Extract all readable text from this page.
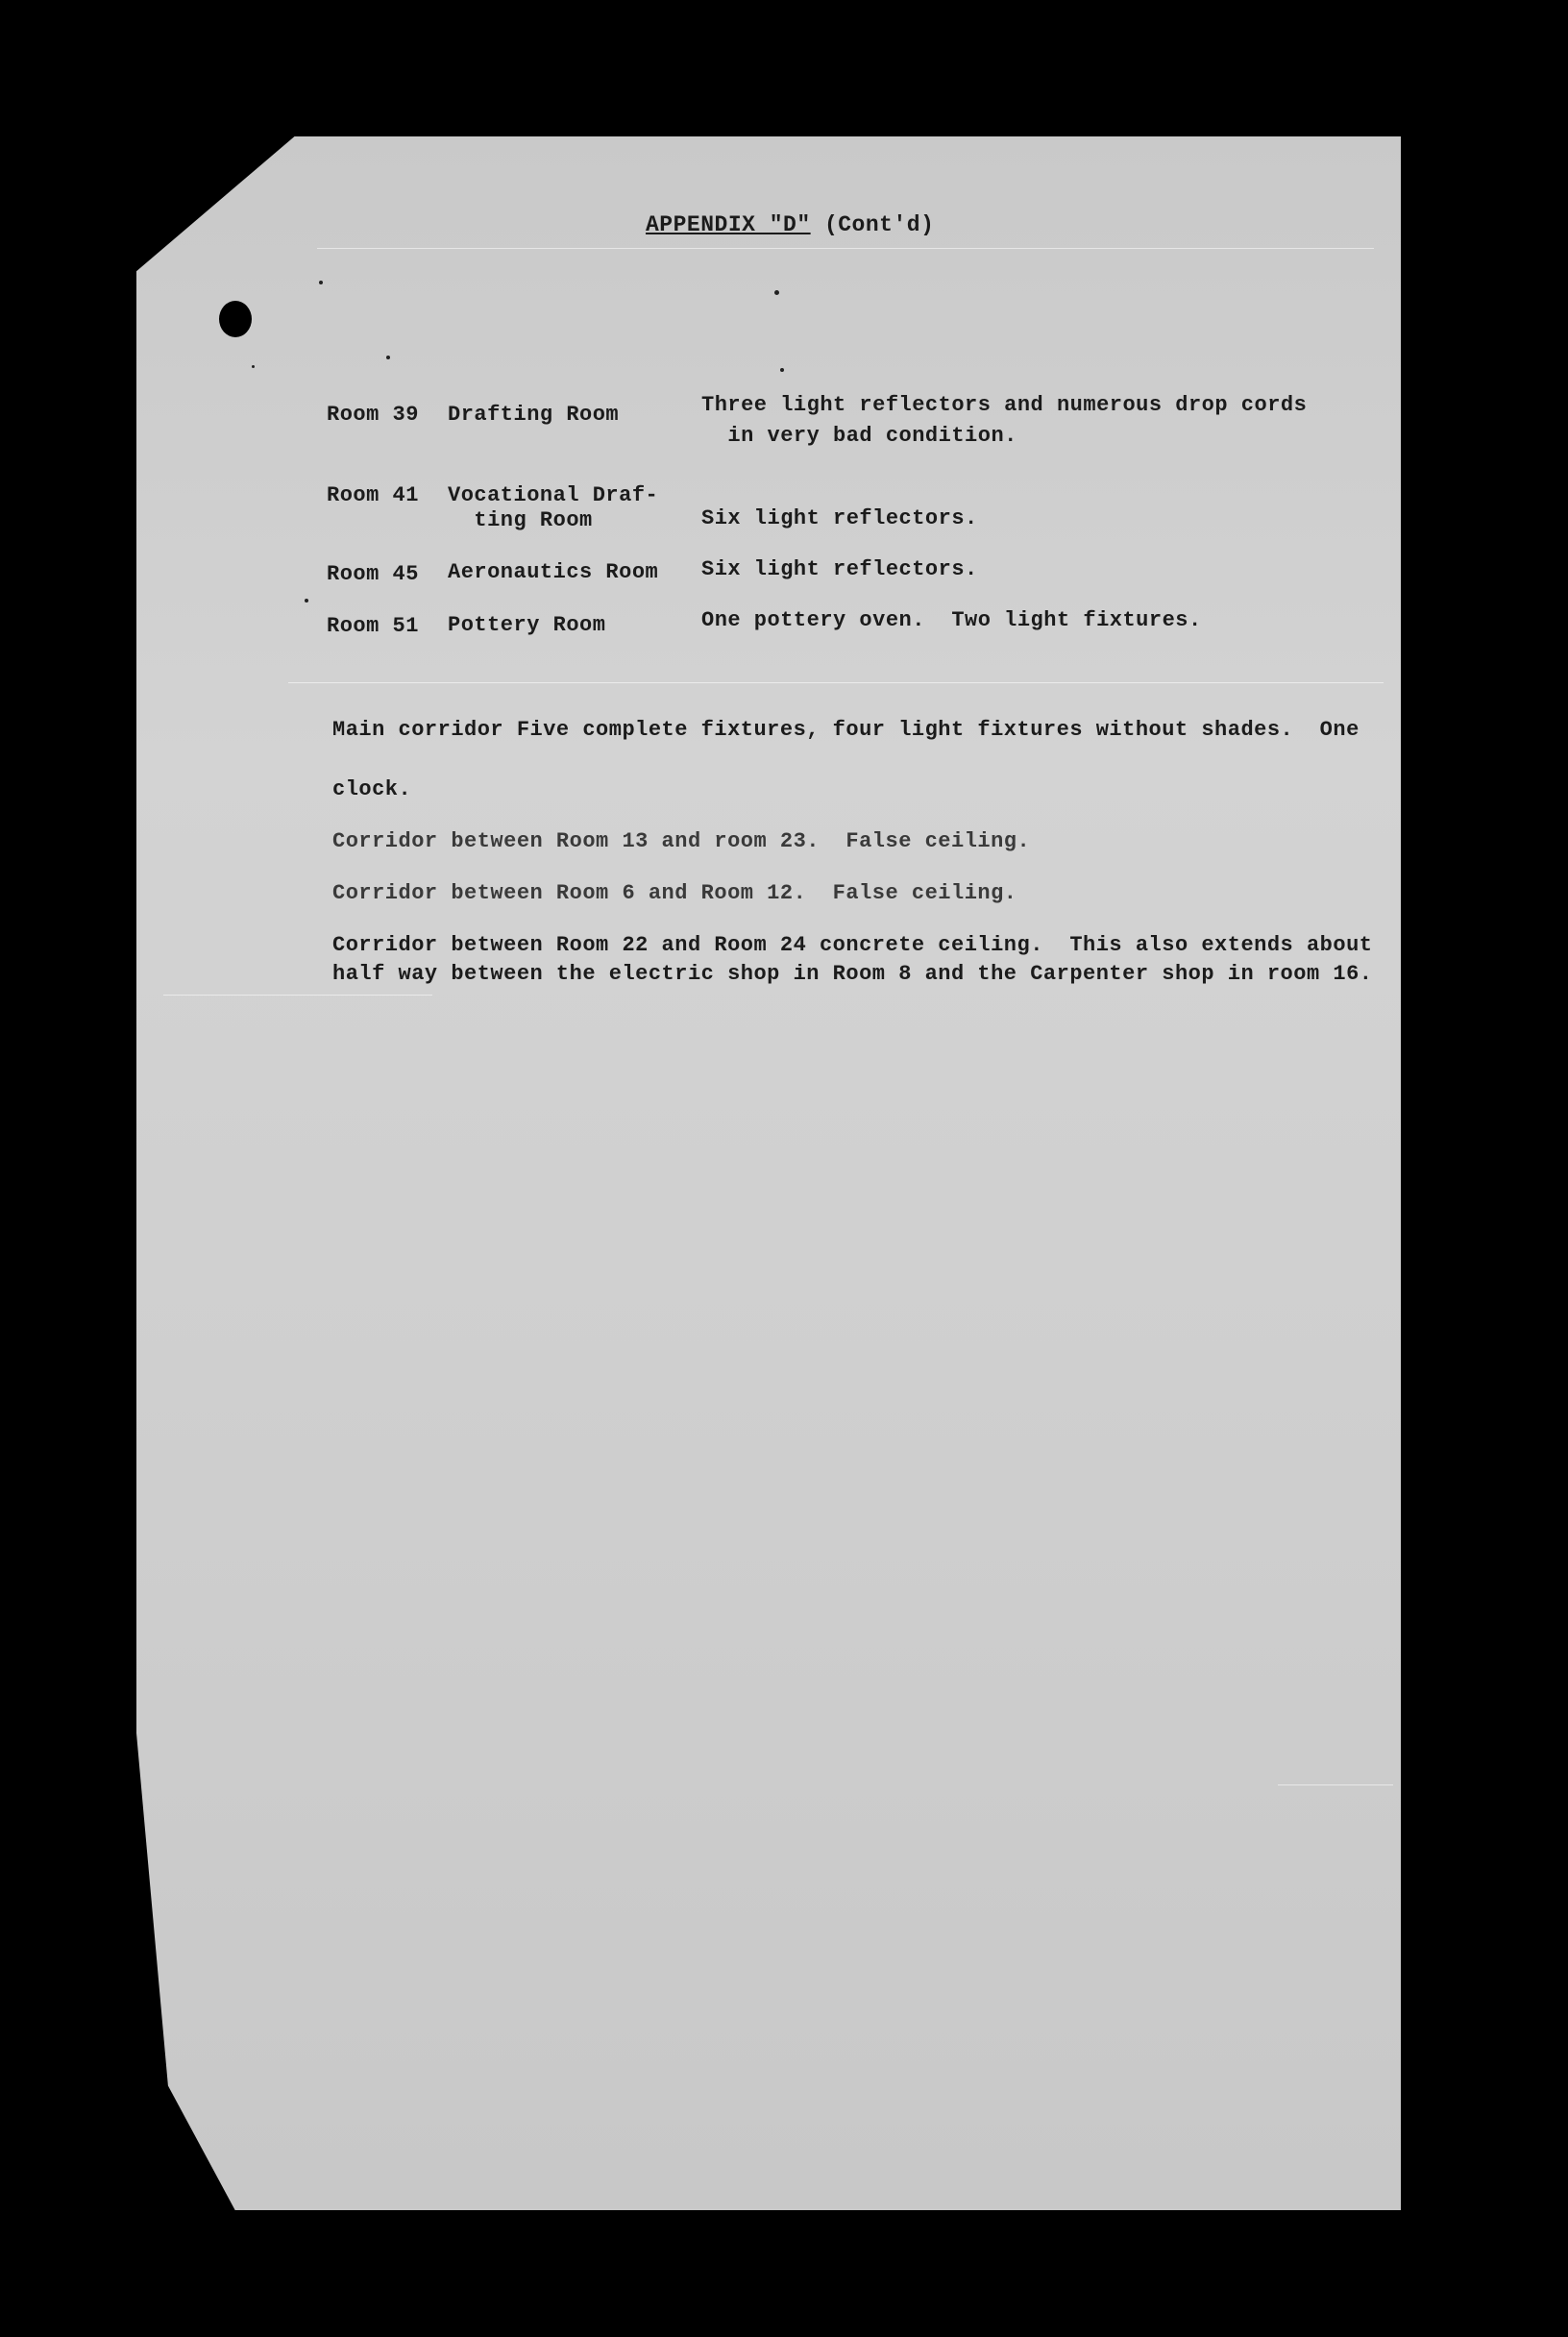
APPENDIX "D" (Cont'd)
Room 39 Drafting Room	Three light reflectors and numerous drop cords
in very bad condition.
Room 41 Vocational Draf-
ting Room	Six light reflectors.
Room 45 Aeronautics Room Six light reflectors.
Room 51 Pottery Room	One pottery oven.  Two light fixtures.
Main corridor Five complete fixtures, four light fixtures without shades.  One
clock.
Corridor between Room 13 and room 23.  False ceiling.
Corridor between Room 6 and Room 12.  False ceiling.
Corridor between Room 22 and Room 24 concrete ceiling.  This also extends about
half way between the electric shop in Room 8 and the Carpenter shop in room 16.
